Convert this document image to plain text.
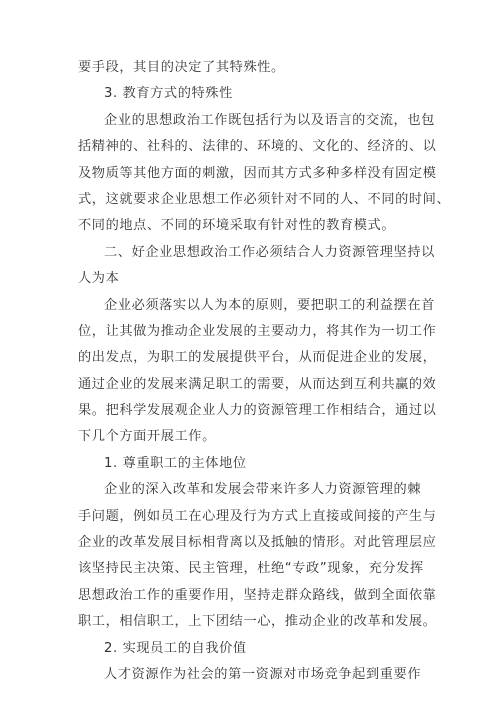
要手段，其目的决定了其特殊性。
3. 教育方式的特殊性
企业的思想政治工作既包括行为以及语言的交流，也包
括精神的、社科的、法律的、环境的、文化的、经济的、以
及物质等其他方面的刺激，因而其方式多种多样没有固定模
式，这就要求企业思想工作必须针对不同的人、不同的时间、
不同的地点、不同的环境采取有针对性的教育模式。
二、好企业思想政治工作必须结合人力资源管理坚持以
人为本
企业必须落实以人为本的原则，要把职工的利益摆在首
位，让其做为推动企业发展的主要动力，将其作为一切工作
的出发点，为职工的发展提供平台，从而促进企业的发展，
通过企业的发展来满足职工的需要，从而达到互利共赢的效
果。把科学发展观企业人力的资源管理工作相结合，通过以
下几个方面开展工作。
1. 尊重职工的主体地位
企业的深入改革和发展会带来许多人力资源管理的棘
手问题，例如员工在心理及行为方式上直接或间接的产生与
企业的改革发展目标相背离以及抵触的情形。对此管理层应
该坚持民主决策、民主管理，杜绝“专政”现象，充分发挥
思想政治工作的重要作用，坚持走群众路线，做到全面依靠
职工，相信职工，上下团结一心，推动企业的改革和发展。
2. 实现员工的自我价值
人才资源作为社会的第一资源对市场竞争起到重要作
